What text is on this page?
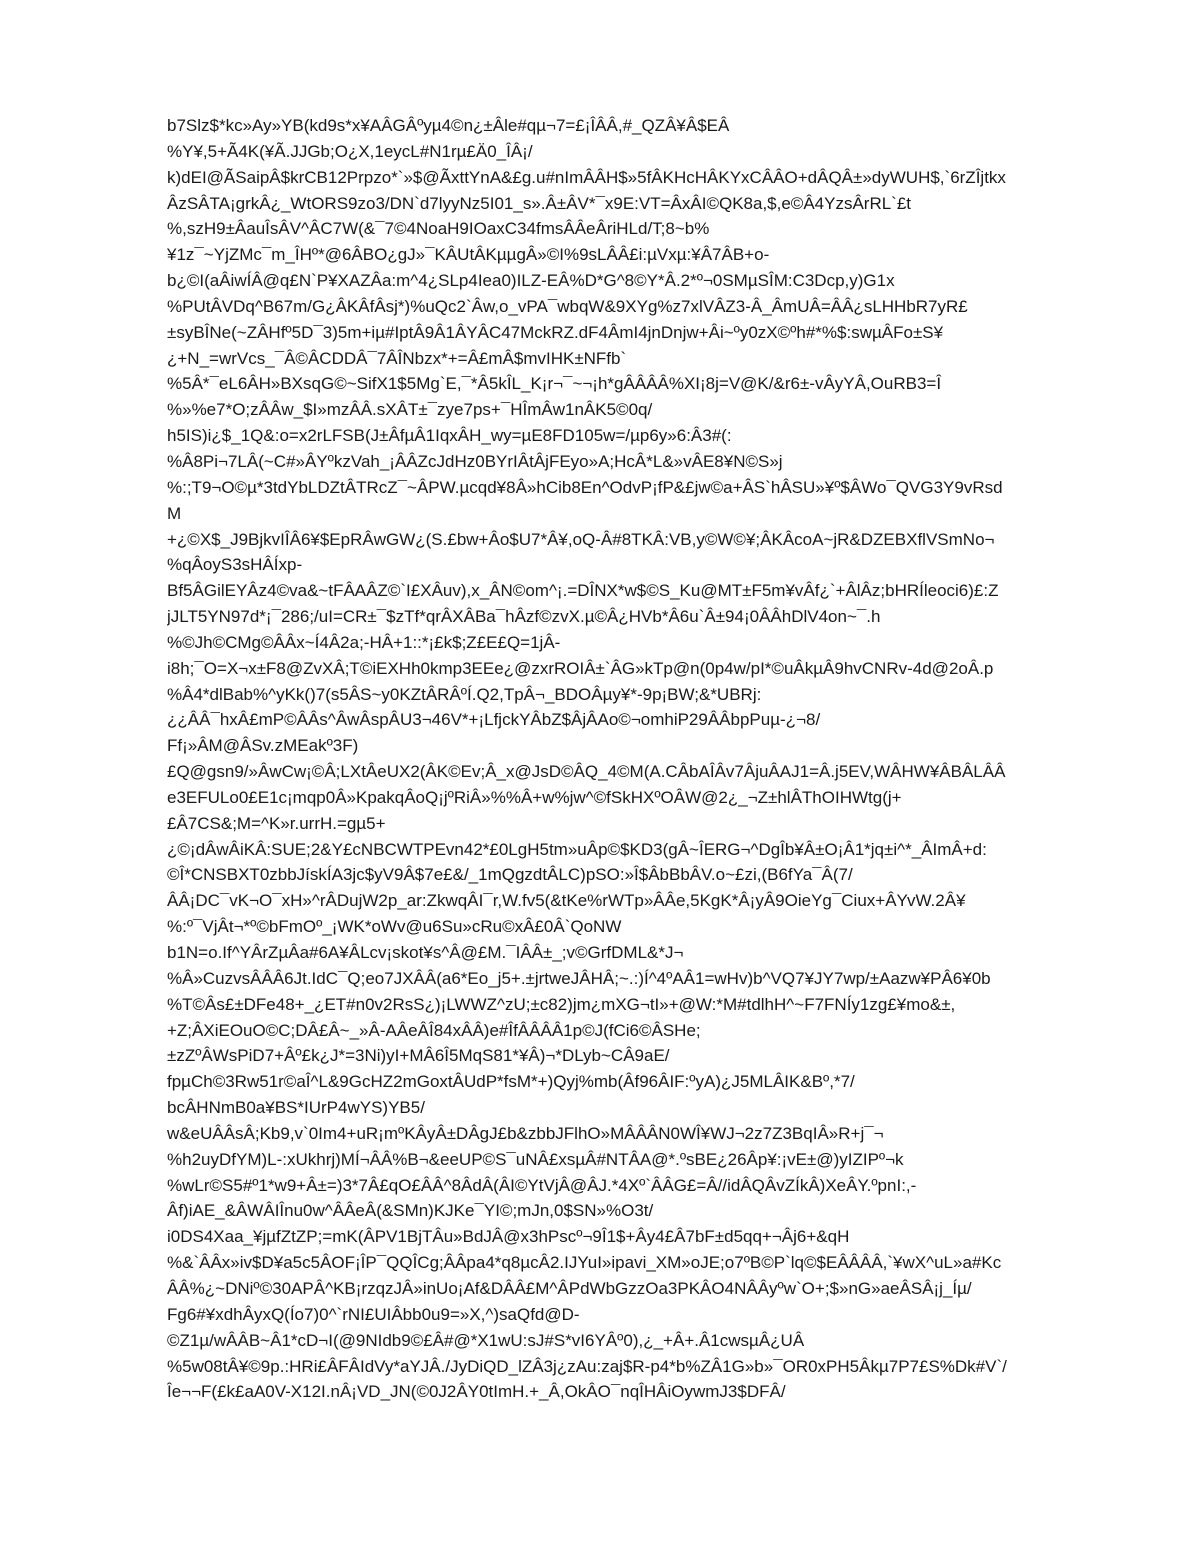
b7Slz$*kc»Ay»YB(kd9s*x¥AÂGÂºyµ4©n¿±Âle#qµ¬7=£¡ÎÂÂ,#_QZÂ¥Â$EÂ
%Y¥,5+Ã4K(¥Ã.JJGb;O¿X,1eycL#N1rµ£Ä0_ÎÂ¡/
k)dEI@ÃSaipÂ$krCB12Prpzo*`»$@ÃxttYnA&£g.u#nImÂÂH$»5fÂKHcHÂKYxCÂÂO+dÂQÂ±»dyWUH$,`6rZÎjtkx
ÂzSÂTA¡grkÂ¿_WtORS9zo3/DN`d7lyyNz5I01_s».Â±ÂV*¯x9E:VT=ÂxÂI©QK8a,$,e©Â4YzsÂrRL`£t
%,szH9±ÂauÎsÂV^ÂC7W(&¯7©4NoaH9IOaxC34fmsÂÂeÂriHLd/T;8~b%
¥1z¯~YjZMc¯m_ÎHº*@6ÂBO¿gJ»¯KÂUtÂKµµgÂ»©I%9sLÂÂ£i:µVxµ:¥Â7ÂB+o-
b¿©I(aÂiwÍÂ@q£N`P¥XAZÂa:m^4¿SLp4Iea0)ILZ-EÂ%D*G^8©Y*Â.2*º¬0SMµSÎM:C3Dcp,y)G1x
%PUtÂVDq^B67m/G¿ÂKÂfÂsj*)%uQc2`Âw,o_vPA¯wbqW&9XYg%z7xlVÂZ3-Â_ÂmUÂ=ÂÂ¿sLHHbR7yR£
±syBÎNe(~ZÂHfº5D¯3)5m+iµ#IptÂ9Â1ÂYÂC47MckRZ.dF4ÂmI4jnDnjw+Âi~ºy0zX©ºh#*%$:swµÂFo±S¥
¿+N_=wrVcs_¯Â©ÂCDDÂ¯7ÂÎNbzx*+=Â£mÂ$mvIHK±NFfb`
%5Â*¯eL6ÂH»BXsqG©~SifX1$5Mg`E,¯*Â5kÎL_K¡r¬¯~¬¡h*gÂÂÂÂ%XI¡8j=V@K/&r6±-vÂyYÂ,OuRB3=Î
%»%e7*O;zÂÂw_$I»mzÂÂ.sXÂT±¯zye7ps+¯HÎmÂw1nÂK5©0q/
h5IS)i¿$_1Q&:o=x2rLFSB(J±ÂfµÂ1IqxÂH_wy=µE8FD105w=/µp6y»6:Â3#(:
%Â8Pi¬7LÂ(~C#»ÂYºkzVah_¡ÂÂZcJdHz0BYrIÂtÂjFEyo»A;HcÂ*L&»vÂE8¥N©S»j
%:;T9¬O©µ*3tdYbLDZtÂTRcZ¯~ÂPW.µcqd¥8Â»hCib8En^OdvP¡fP&£jw©a+ÂS`hÂSU»¥º$ÂWo¯QVG3Y9vRsd
M
+¿©X$_J9BjkvIÎÂ6¥$EpRÂwGW¿(S.£bw+Âo$U7*Â¥,oQ-Â#8TKÂ:VB,y©W©¥;ÂKÂcoA~jR&DZEBXflVSmNo¬
%qÂoyS3sHÂÍxp-
Bf5ÂGilEYÂz4©va&~tFÂAÂZ©`I£XÂuv),x_ÂN©om^¡.=DÎNX*w$©S_Ku@MT±F5m¥vÂf¿`+ÂlÂz;bHRÍleoci6)£:Z
jJLT5YN97d*¡¯286;/uI=CR±¯$zTf*qrÂXÂBa¯hÂzf©zvX.µ©Â¿HVb*Â6u`Â±94¡0ÂÂhDlV4on~¯.h
%©Jh©CMg©ÂÂx~Í4Â2a;-HÂ+1::*¡£k$;Z£E£Q=1jÂ-
i8h;¯O=X¬x±F8@ZvXÂ;T©iEXHh0kmp3EEe¿@zxrROIÂ±`ÂG»kTp@n(0p4w/pI*©uÂkµÂ9hvCNRv-4d@2oÂ.p
%Â4*dlBab%^yKk()7(s5ÂS~y0KZtÂRÂºÍ.Q2,TpÂ¬_BDOÂµy¥*-9p¡BW;&*UBRj:
¿¿ÂÂ¯hxÂ£mP©ÂÂs^ÂwÂspÂU3¬46V*+¡LfjckYÂbZ$ÂjÂAo©¬omhiP29ÂÂbpPuµ-¿¬8/
Ff¡»ÂM@ÂSv.zMEakº3F)
£Q@gsn9/»ÂwCw¡©Â;LXtÂeUX2(ÂK©Ev;Â_x@JsD©ÂQ_4©M(A.CÂbAÎÂv7ÂjuÂAJ1=Â.j5EV,WÂHW¥ÂBÂLÂÂ
e3EFULo0£E1c¡mqp0Â»KpakqÂoQ¡jºRiÂ»%%Â+w%jw^©fSkHXºOÂW@2¿_¬Z±hlÂThOIHWtg(j+
£Â7CS&;M=^K»r.urrH.=gµ5+
¿©¡dÂwÂiKÂ:SUE;2&Y£cNBCWTPEvn42*£0LgH5tm»uÂp©$KD3(gÂ~ÎERG¬^DgÎb¥Â±O¡Â1*jq±i^*_ÂImÂ+d:
©Î*CNSBXT0zbbJískÍA3jc$yV9Â$7e£&/_1mQgzdtÂLC)pSO:»Î$ÂbBbÂV.o~£zi,(B6fYa¯Â(7/
ÂÂ¡DC¯vK¬O¯xH»^rÂDujW2p_ar:ZkwqÂI¯r,W.fv5(&tKe%rWTp»ÂÂe,5KgK*Â¡yÂ9OieYg¯Ciux+ÂYvW.2Â¥
%:º¯VjÂt¬*º©bFmOº_¡WK*oWv@u6Su»cRu©xÂ£0Â`QoNW
b1N=o.If^YÂrZµÂa#6A¥ÂLcv¡skot¥s^Â@£M.¯IÂÂ±_;v©GrfDML&*J¬
%Â»CuzvsÂÂÂ6Jt.IdC¯Q;eo7JXÂÂ(a6*Eo_j5+.±jrtweJÂHÂ;~.:)Í^4ºAÂ1=wHv)b^VQ7¥JY7wp/±Aazw¥PÂ6¥0b
%T©Âs£±DFe48+_¿ET#n0v2RsS¿)¡LWWZ^zU;±c82)jm¿mXG¬tI»+@W:*M#tdlhH^~F7FNÍy1zg£¥mo&±,
+Z;ÂXiEOuO©C;DÂ£Â~_»Â-AÂeÂÎ84xÂÂ)e#ÎfÂÂÂÂ1p©J(fCi6©ÂSHe;
±zZºÂWsPiD7+Âº£k¿J*=3Ni)yI+MÂ6Î5MqS81*¥Â)¬*DLyb~CÂ9aE/
fpµCh©3Rw51r©aÎ^L&9GcHZ2mGoxtÂUdP*fsM*+)Qyj%mb(Âf96ÂIF:ºyA)¿J5MLÂIK&Bº,*7/
bcÂHNmB0a¥BS*IUrP4wYS)YB5/
w&eUÂÂsÂ;Kb9,v`0Im4+uR¡mºKÂyÂ±DÂgJ£b&zbbJFlhO»MÂÂÂN0WÎ¥WJ¬2z7Z3BqIÂ»R+j¯¬
%h2uyDfYM)L-:xUkhrj)MÍ¬ÂÂ%B¬&eeUP©S¯uNÂ£xsµÂ#NTÂA@*.ºsBE¿26Âp¥:¡vE±@)yIZIPº¬k
%wLr©S5#º1*w9+Â±=)3*7Â£qO£ÂÂ^8ÂdÂ(ÂI©YtVjÂ@ÂJ.*4Xº`ÂÂG£=Â//idÂQÂvZÍkÂ)XeÂY.ºpnI:,-
Âf)iAE_&ÂWÂIÎnu0w^ÂÂeÂ(&SMn)KJKe¯YI©;mJn,0$SN»%O3t/
i0DS4Xaa_¥jµfZtZP;=mK(ÂPV1BjTÂu»BdJÂ@x3hPscº¬9Î1$+Ây4£Â7bF±d5qq+¬Âj6+&qH
%&`ÂÂx»iv$D¥a5c5ÂOF¡ÎP¯QQÎCg;ÂÂpa4*q8µcÂ2.IJYuI»ipavi_XM»oJE;o7ºB©P`lq©$EÂÂÂÂ,`¥wX^uL»a#Kc
ÂÂ%¿~DNiº©30APÂ^KB¡rzqzJÂ»inUo¡Af&DÂÂ£M^ÂPdWbGzzOa3PKÂO4NÂÂyºw`O+;$»nG»aeÂSÂ¡j_Íµ/
Fg6#¥xdhÂyxQ(Ío7)0^`rNI£UIÂbb0u9=»X,^)saQfd@D-
©Z1µ/wÂÂB~Â1*cD¬I(@9NIdb9©£Â#@*X1wU:sJ#S*vI6YÂº0),¿_+Â+.Â1cwsµÂ¿UÂ
%5w08tÂ¥©9p.:HRi£ÂFÂIdVy*aYJÂ./JyDiQD_lZÂ3j¿zAu:zaj$R-p4*b%ZÂ1G»b»¯OR0xPH5Âkµ7P7£S%Dk#V`/
Îe¬¬F(£k£aA0V-X12I.nÂ¡VD_JN(©0J2ÂY0tImH.+_Â,OkÂO¯nqÎHÂiOywmJ3$DFÂ/
